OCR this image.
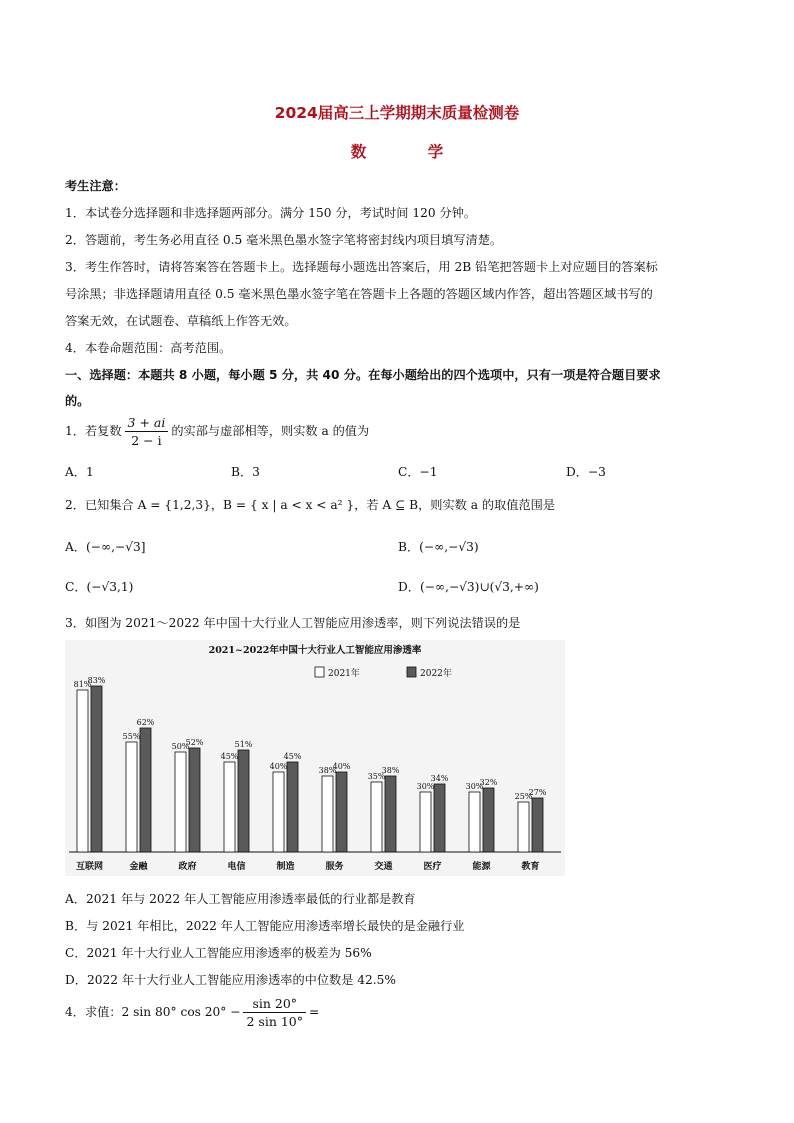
2024届高三上学期期末质量检测卷
数 学
考生注意：
1．本试卷分选择题和非选择题两部分。满分 150 分，考试时间 120 分钟。
2．答题前，考生务必用直径 0.5 毫米黑色墨水签字笔将密封线内项目填写清楚。
3．考生作答时，请将答案答在答题卡上。选择题每小题选出答案后，用 2B 铅笔把答题卡上对应题目的答案标
号涂黑；非选择题请用直径 0.5 毫米黑色墨水签字笔在答题卡上各题的答题区域内作答，超出答题区域书写的
答案无效，在试题卷、草稿纸上作答无效。
4．本卷命题范围：高考范围。
一、选择题：本题共 8 小题，每小题 5 分，共 40 分。在每小题给出的四个选项中，只有一项是符合题目要求
的。
1．若复数 $\frac{3 + ai}{2 - i}$ 的实部与虚部相等，则实数 a 的值为
A．1	B．3	C．−1	D．−3
2．已知集合 A = {1,2,3}，B = { x | a < x < a² }，若 A ⊆ B，则实数 a 的取值范围是
A．(−∞,−√3]	B．(−∞,−√3)
C．(−√3,1)	D．(−∞,−√3)∪(√3,+∞)
3．如图为 2021～2022 年中国十大行业人工智能应用渗透率，则下列说法错误的是
2021~2022年中国十大行业人工智能应用渗透率
2021年	2022年
81%
83%
互联网
55%
62%
金融
50%
52%
政府
45%
51%
电信
40%
45%
制造
38%
40%
服务
35%
38%
交通
30%
34%
医疗
30%
32%
能源
25%
27%
教育
A．2021 年与 2022 年人工智能应用渗透率最低的行业都是教育
B．与 2021 年相比，2022 年人工智能应用渗透率增长最快的是金融行业
C．2021 年十大行业人工智能应用渗透率的极差为 56%
D．2022 年十大行业人工智能应用渗透率的中位数是 42.5%
4．求值：2 sin 80° $\cos 20^\circ - \frac{\sin 20^\circ}{2 \sin 10^\circ}$ =
